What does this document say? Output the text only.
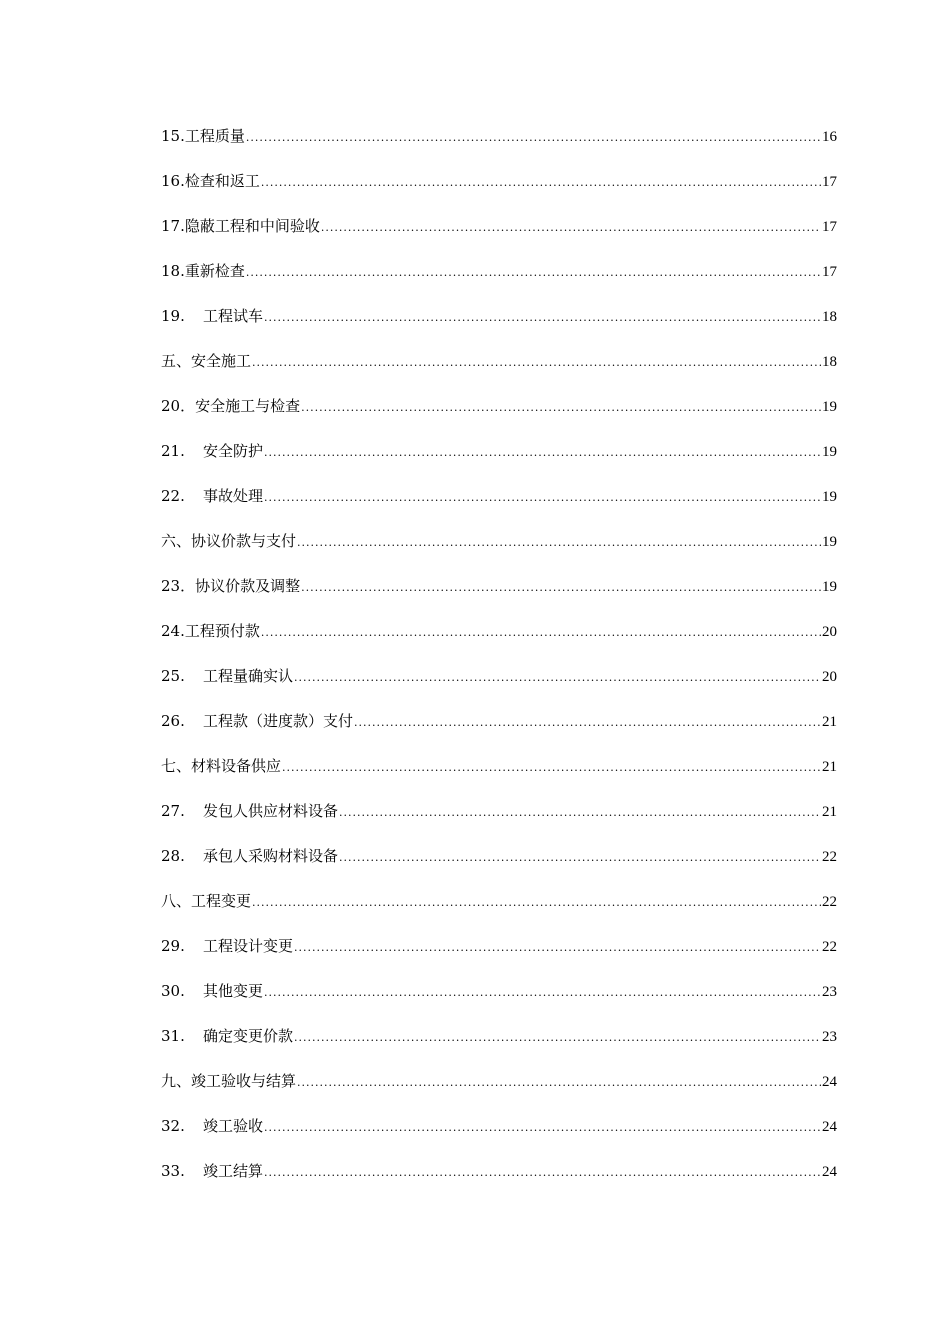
15. 工程质量 .....	16
16. 检查和返工 .....	17
17. 隐蔽工程和中间验收 .....	17
18. 重新检查 .....	17
19.	工程试车 .....	18
五、 安全施工 .....	18
20． 安全施工与检查 .....	19
21.	安全防护 .....	19
22.	事故处理 .....	19
六、 协议价款与支付 .....	19
23． 协议价款及调整 .....	19
24. 工程预付款 .....	20
25.	工程量确实认 .....	20
26.	工程款（进度款）支付 .....	21
七、 材料设备供应 .....	21
27.	发包人供应材料设备 .....	21
28.	承包人采购材料设备 .....	22
八、 工程变更 .....	22
29.	工程设计变更 .....	22
30.	其他变更 .....	23
31.	确定变更价款 .....	23
九、 竣工验收与结算 .....	24
32.	竣工验收 .....	24
33.	竣工结算 .....	24
